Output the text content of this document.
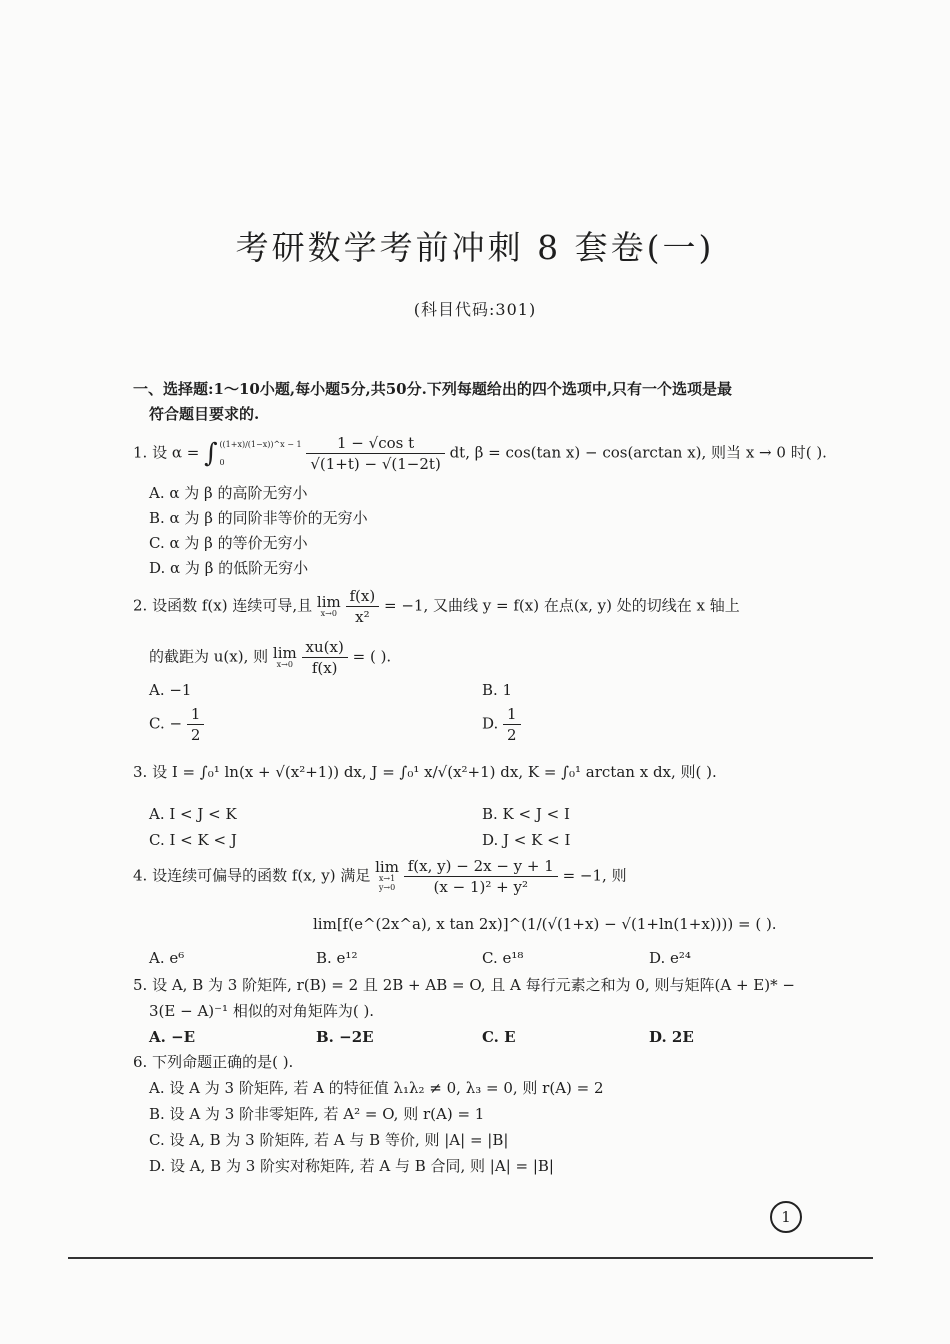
考研数学考前冲刺 8 套卷(一)
(科目代码:301)
一、选择题:1～10小题,每小题5分,共50分.下列每题给出的四个选项中,只有一个选项是最
符合题目要求的.
1. 设 α = ∫ ((1+x)/(1−x))^x − 1
0
	$\frac{\text{1 − √cos t}}{√(1+t) - √(1-2t)}$ dt, β = cos(tan x) − cos(arctan x), 则当 x → 0 时( ).
A. α 为 β 的高阶无穷小
B. α 为 β 的同阶非等价的无穷小
C. α 为 β 的等价无穷小
D. α 为 β 的低阶无穷小
2. 设函数 f(x) 连续可导,且 lim
x→0
$\frac{f(x)}{\text{x²}} = -1$, 又曲线 y = f(x) 在点(x, y) 处的切线在 x 轴上
的截距为 u(x), 则 lim
x→0
$\frac{xu(x)}{f(x)}$ = ( ).
A. −1	B. 1
C. − $\frac{1}{2}$	D. $\frac{1}{2}$
3. 设 I = ∫₀¹ ln(x + √(x²+1)) dx, J = ∫₀¹ x/√(x²+1) dx, K = ∫₀¹ arctan x dx, 则( ).
A. I < J < K	B. K < J < I
C. I < K < J	D. J < K < I
4. 设连续可偏导的函数 f(x, y) 满足 lim
x→1
y→0
$\frac{f(x, y) - 2x - y + 1}{\text{(x − 1)² + y²}} = -1$, 则
lim[f(e^(2x^a), x tan 2x)]^(1/(√(1+x) − √(1+ln(1+x)))) = ( ).
A. e⁶	B. e¹²	C. e¹⁸	D. e²⁴
5. 设 A, B 为 3 阶矩阵, r(B) = 2 且 2B + AB = O, 且 A 每行元素之和为 0, 则与矩阵(A + E)* −
3(E − A)⁻¹ 相似的对角矩阵为( ).
A. −E	B. −2E	C. E	D. 2E
6. 下列命题正确的是( ).
A. 设 A 为 3 阶矩阵, 若 A 的特征值 λ₁λ₂ ≠ 0, λ₃ = 0, 则 r(A) = 2
B. 设 A 为 3 阶非零矩阵, 若 A² = O, 则 r(A) = 1
C. 设 A, B 为 3 阶矩阵, 若 A 与 B 等价, 则 |A| = |B|
D. 设 A, B 为 3 阶实对称矩阵, 若 A 与 B 合同, 则 |A| = |B|
1
